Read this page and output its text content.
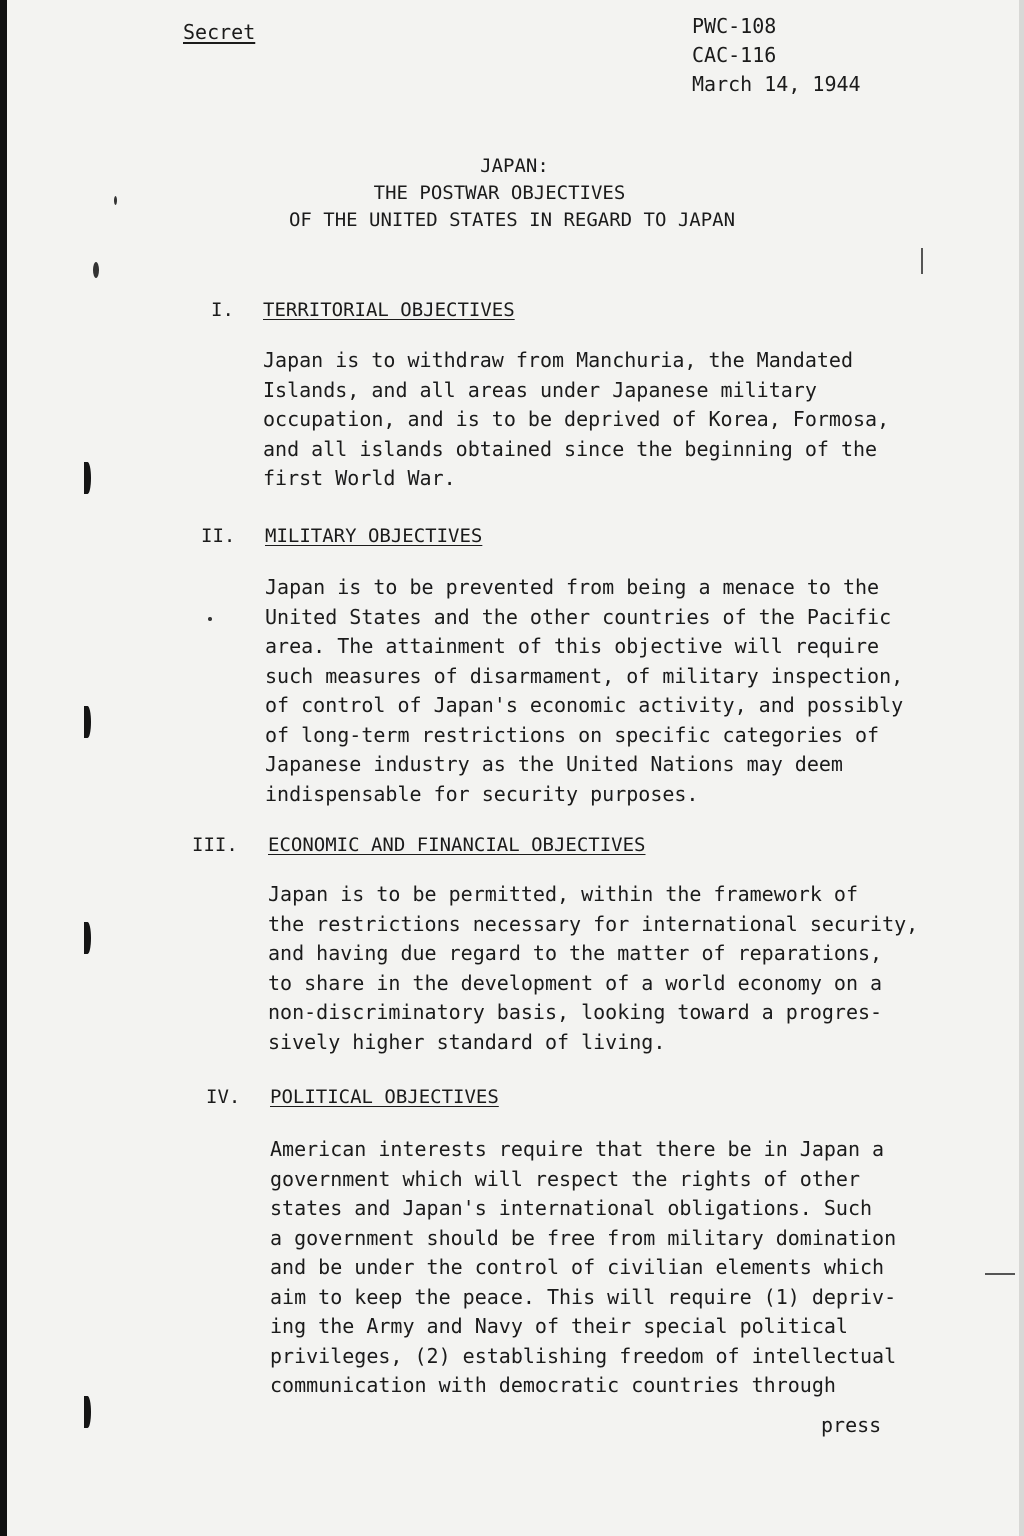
Secret	PWC-108
CAC-116
March 14, 1944
JAPAN:
THE POSTWAR OBJECTIVES
OF THE UNITED STATES IN REGARD TO JAPAN
I. TERRITORIAL OBJECTIVES
Japan is to withdraw from Manchuria, the Mandated
Islands, and all areas under Japanese military
occupation, and is to be deprived of Korea, Formosa,
and all islands obtained since the beginning of the
first World War.
II. MILITARY OBJECTIVES
Japan is to be prevented from being a menace to the
United States and the other countries of the Pacific
area. The attainment of this objective will require
such measures of disarmament, of military inspection,
of control of Japan's economic activity, and possibly
of long-term restrictions on specific categories of
Japanese industry as the United Nations may deem
indispensable for security purposes.
III. ECONOMIC AND FINANCIAL OBJECTIVES
Japan is to be permitted, within the framework of
the restrictions necessary for international security,
and having due regard to the matter of reparations,
to share in the development of a world economy on a
non-discriminatory basis, looking toward a progres-
sively higher standard of living.
IV. POLITICAL OBJECTIVES
American interests require that there be in Japan a
government which will respect the rights of other
states and Japan's international obligations. Such
a government should be free from military domination
and be under the control of civilian elements which
aim to keep the peace. This will require (1) depriv-
ing the Army and Navy of their special political
privileges, (2) establishing freedom of intellectual
communication with democratic countries through
press
